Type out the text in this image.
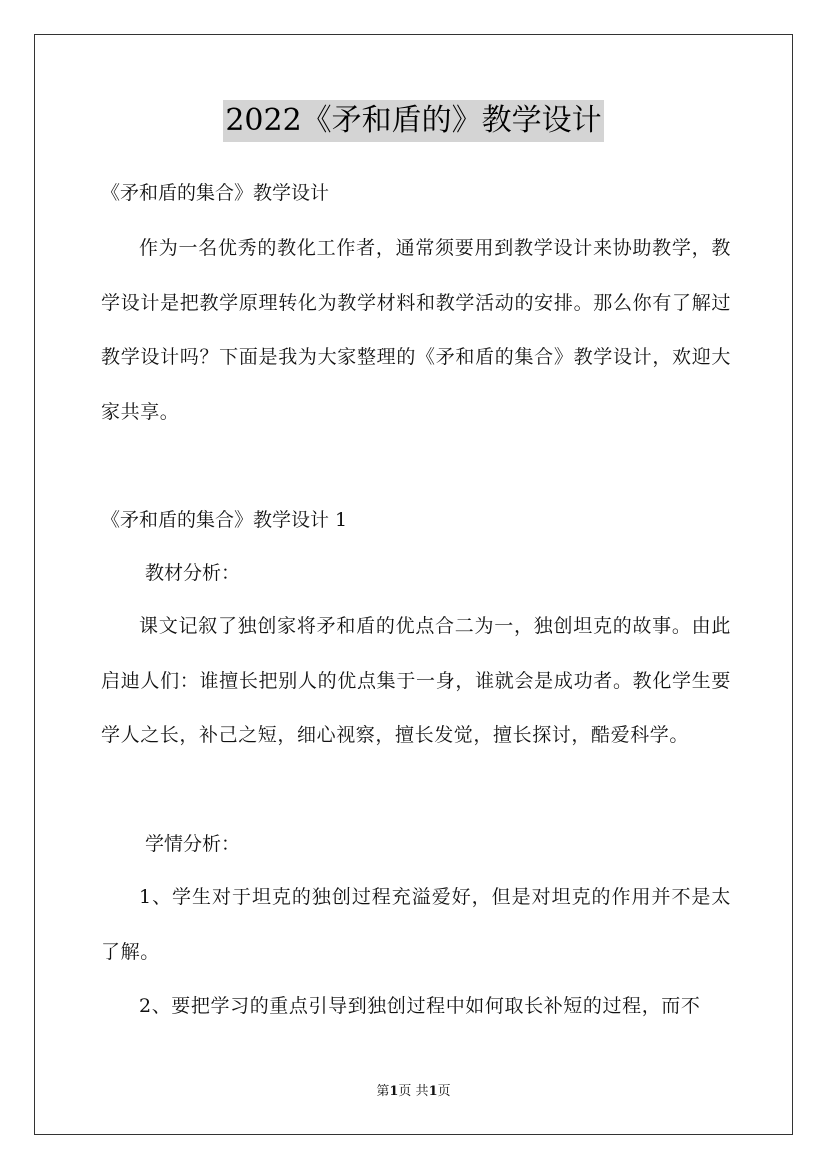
2022《矛和盾的》教学设计
《矛和盾的集合》教学设计
作为一名优秀的教化工作者，通常须要用到教学设计来协助教学，教学设计是把教学原理转化为教学材料和教学活动的安排。那么你有了解过教学设计吗？下面是我为大家整理的《矛和盾的集合》教学设计，欢迎大家共享。
《矛和盾的集合》教学设计 1
教材分析：
课文记叙了独创家将矛和盾的优点合二为一，独创坦克的故事。由此启迪人们：谁擅长把别人的优点集于一身，谁就会是成功者。教化学生要学人之长，补己之短，细心视察，擅长发觉，擅长探讨，酷爱科学。
学情分析：
1、学生对于坦克的独创过程充溢爱好，但是对坦克的作用并不是太了解。
2、要把学习的重点引导到独创过程中如何取长补短的过程，而不
第1页 共1页
